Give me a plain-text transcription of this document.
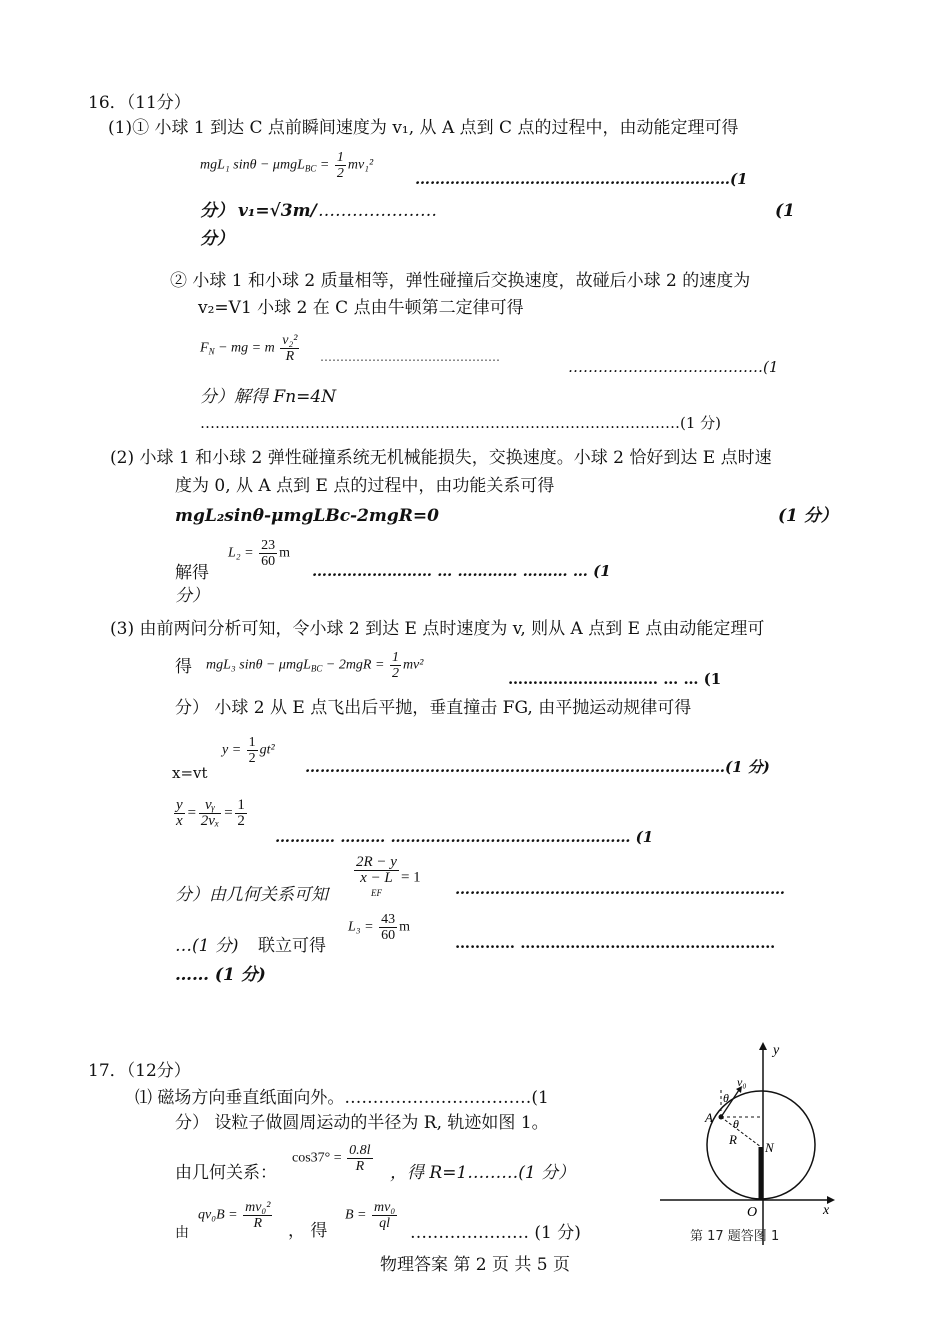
16．（11分）
(1)① 小球 1 到达 C 点前瞬间速度为 v₁, 从 A 点到 C 点的过程中，由动能定理可得
mgL₁ $\sin\theta - \mu mgL_{BC} = \frac{1}{2} mv_1^2$
………………………………………………………(1
分） v₁=√3m/ …………………	(1
分）
② 小球 1 和小球 2 质量相等，弹性碰撞后交换速度，故碰后小球 2 的速度为
v₂=V1 小球 2 在 C 点由牛顿第二定律可得
$F_N$ − mg = m $\frac{\text{v₂²}}{R}$ ………………………………………
…………………………………(1
分）解得 Fn=4N
……………………………………………………………………………………(1 分)
(2) 小球 1 和小球 2 弹性碰撞系统无机械能损失，交换速度。小球 2 恰好到达 E 点时速
度为 0, 从 A 点到 E 点的过程中，由功能关系可得
mgL₂sinθ-μmgLBc-2mgR=0	(1 分）
解得
$L_2 = \frac{23}{60}$ m
…………………… … ………… ……… … (1
分）
(3) 由前两问分析可知，令小球 2 到达 E 点时速度为 v, 则从 A 点到 E 点由动能定理可
得 mgL₃ $\sin\theta - \mu mgL_{BC} - 2mgR = \frac{1}{2} mv^2$
………………………… … … (1
分） 小球 2 从 E 点飞出后平抛，垂直撞击 FG, 由平抛运动规律可得
x=vt
$y = \frac{1}{2} gt^2$
…………………………………………………………………………(1 分)
$\frac{y}{x} = \frac{\text{vᵧ}}{\text{2vₓ}} = \frac{1}{2}$
………… ……… ………………………………………… (1
分）由几何关系可知 2R − y
x − L
EF = 1
…………………………………………………………
…(1 分) 联立可得
$L_3 = \frac{43}{60}$ m
………… ……………………………………………
…… (1 分)
17．（12分）
⑴ 磁场方向垂直纸面向外。……………………………(1
分） 设粒子做圆周运动的半径为 R, 轨迹如图 1。
由几何关系：
$\cos 37^\circ = \frac{0.8l}{R}$ ，得 R=1………(1 分）
由
$qv_0B = \frac{\text{mv₀²}}{R}$ ， 得
$B = \frac{\text{mv₀}}{ql}$
………………… (1 分)
y
x
O
A
N
R
θ
θ
v₀
第 17 题答图 1
物理答案 第 2 页 共 5 页
